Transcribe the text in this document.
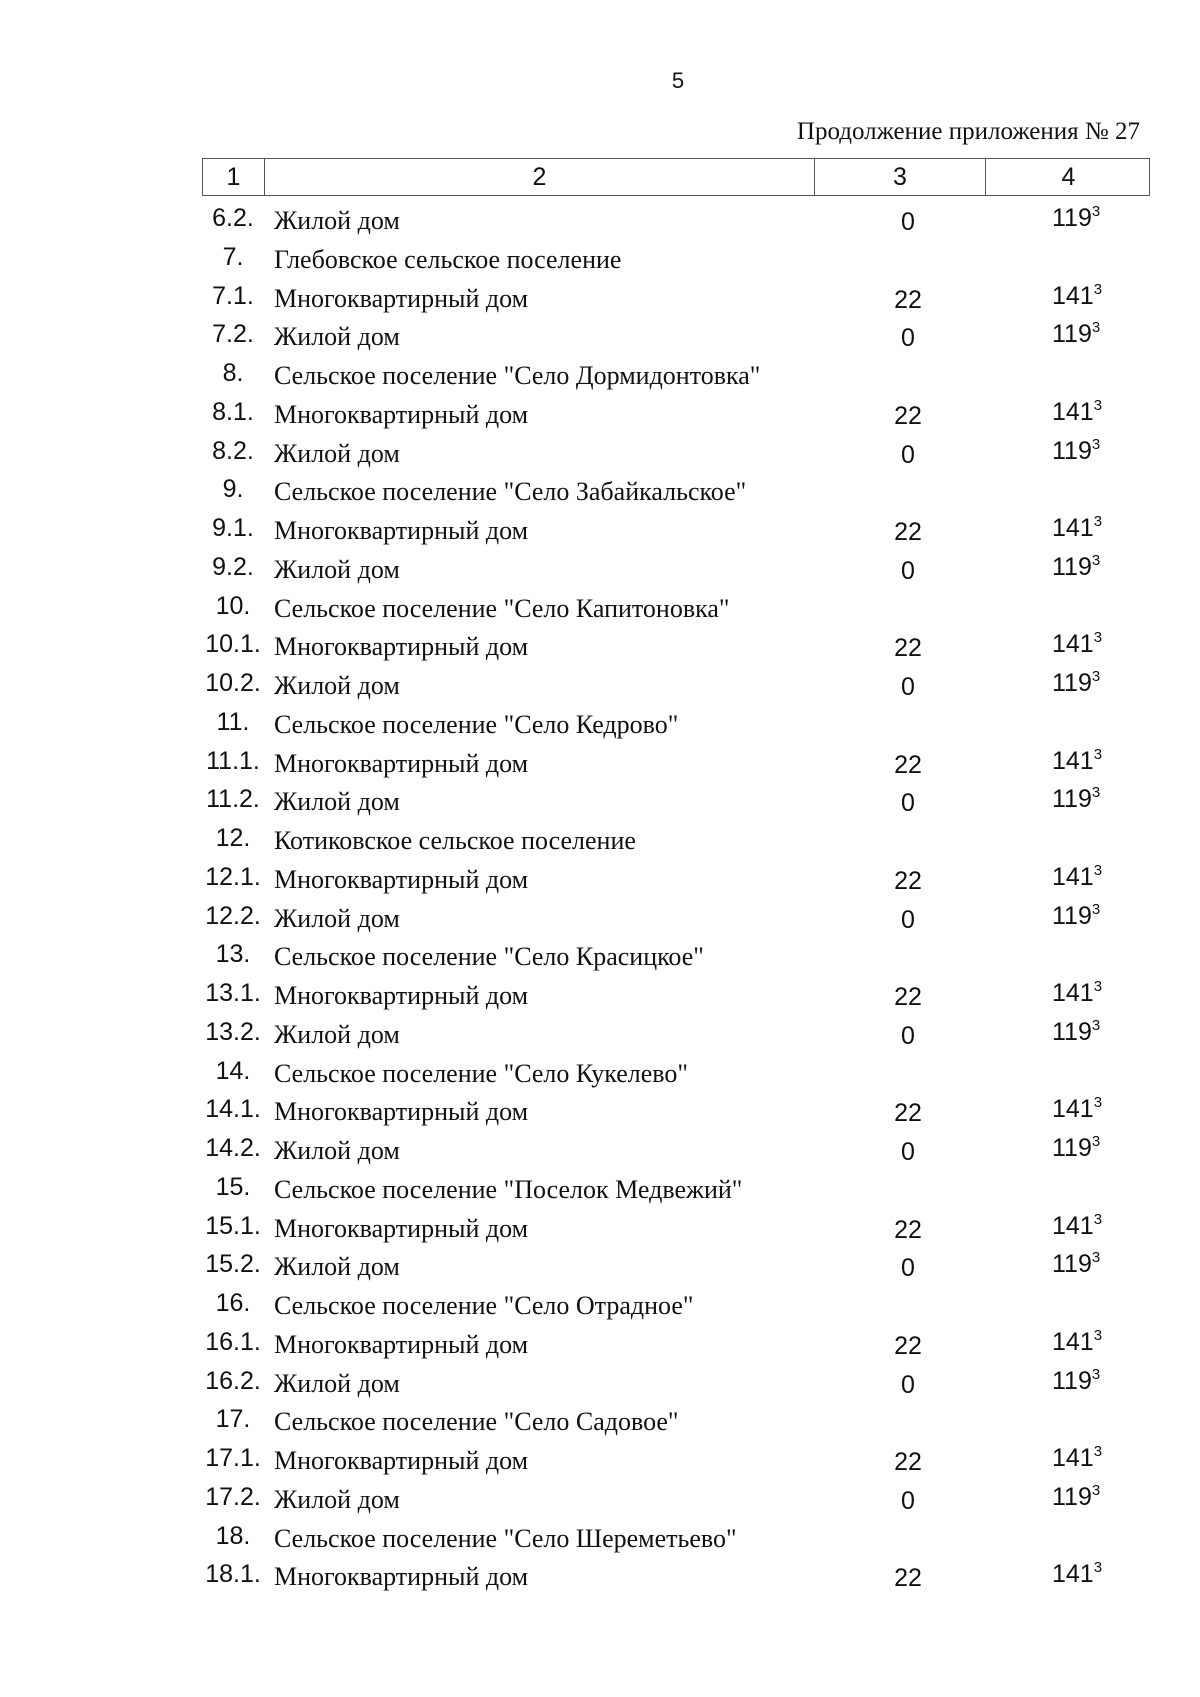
5
Продолжение приложения № 27
1	2	3	4
6.2. Жилой дом	0	$119^3$
7.	Глебовское сельское поселение
7.1. Многоквартирный дом	22	$141^3$
7.2. Жилой дом	0	$119^3$
8.	Сельское поселение "Село Дормидонтовка"
8.1. Многоквартирный дом	22	$141^3$
8.2. Жилой дом	0	$119^3$
9.	Сельское поселение "Село Забайкальское"
9.1. Многоквартирный дом	22	$141^3$
9.2. Жилой дом	0	$119^3$
10. Сельское поселение "Село Капитоновка"
10.1. Многоквартирный дом	22	$141^3$
10.2. Жилой дом	0	$119^3$
11. Сельское поселение "Село Кедрово"
11.1. Многоквартирный дом	22	$141^3$
11.2. Жилой дом	0	$119^3$
12. Котиковское сельское поселение
12.1. Многоквартирный дом	22	$141^3$
12.2. Жилой дом	0	$119^3$
13. Сельское поселение "Село Красицкое"
13.1. Многоквартирный дом	22	$141^3$
13.2. Жилой дом	0	$119^3$
14. Сельское поселение "Село Кукелево"
14.1. Многоквартирный дом	22	$141^3$
14.2. Жилой дом	0	$119^3$
15. Сельское поселение "Поселок Медвежий"
15.1. Многоквартирный дом	22	$141^3$
15.2. Жилой дом	0	$119^3$
16. Сельское поселение "Село Отрадное"
16.1. Многоквартирный дом	22	$141^3$
16.2. Жилой дом	0	$119^3$
17. Сельское поселение "Село Садовое"
17.1. Многоквартирный дом	22	$141^3$
17.2. Жилой дом	0	$119^3$
18. Сельское поселение "Село Шереметьево"
18.1. Многоквартирный дом	22	$141^3$
